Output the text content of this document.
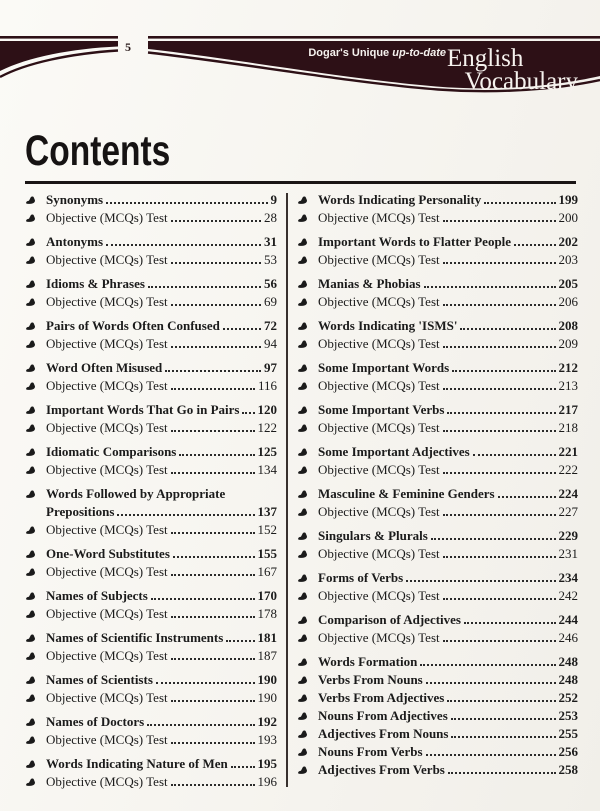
5	Dogar's Unique up-to-date English
Vocabulary
Contents
Synonyms	9
Objective (MCQs) Test	28
Antonyms	31
Objective (MCQs) Test	53
Idioms & Phrases	56
Objective (MCQs) Test	69
Pairs of Words Often Confused	72
Objective (MCQs) Test	94
Word Often Misused	97
Objective (MCQs) Test	116
Important Words That Go in Pairs 120
Objective (MCQs) Test	122
Idiomatic Comparisons	125
Objective (MCQs) Test	134
Words Followed by Appropriate
Prepositions	137
Objective (MCQs) Test	152
One-Word Substitutes	155
Objective (MCQs) Test	167
Names of Subjects	170
Objective (MCQs) Test	178
Names of Scientific Instruments	181
Objective (MCQs) Test	187
Names of Scientists	190
Objective (MCQs) Test	190
Names of Doctors	192
Objective (MCQs) Test	193
Words Indicating Nature of Men 195
Objective (MCQs) Test	196
Words Indicating Personality	199
Objective (MCQs) Test	200
Important Words to Flatter People	202
Objective (MCQs) Test	203
Manias & Phobias	205
Objective (MCQs) Test	206
Words Indicating 'ISMS'	208
Objective (MCQs) Test	209
Some Important Words	212
Objective (MCQs) Test	213
Some Important Verbs	217
Objective (MCQs) Test	218
Some Important Adjectives	221
Objective (MCQs) Test	222
Masculine & Feminine Genders	224
Objective (MCQs) Test	227
Singulars & Plurals	229
Objective (MCQs) Test	231
Forms of Verbs	234
Objective (MCQs) Test	242
Comparison of Adjectives	244
Objective (MCQs) Test	246
Words Formation	248
Verbs From Nouns	248
Verbs From Adjectives	252
Nouns From Adjectives	253
Adjectives From Nouns	255
Nouns From Verbs	256
Adjectives From Verbs	258
